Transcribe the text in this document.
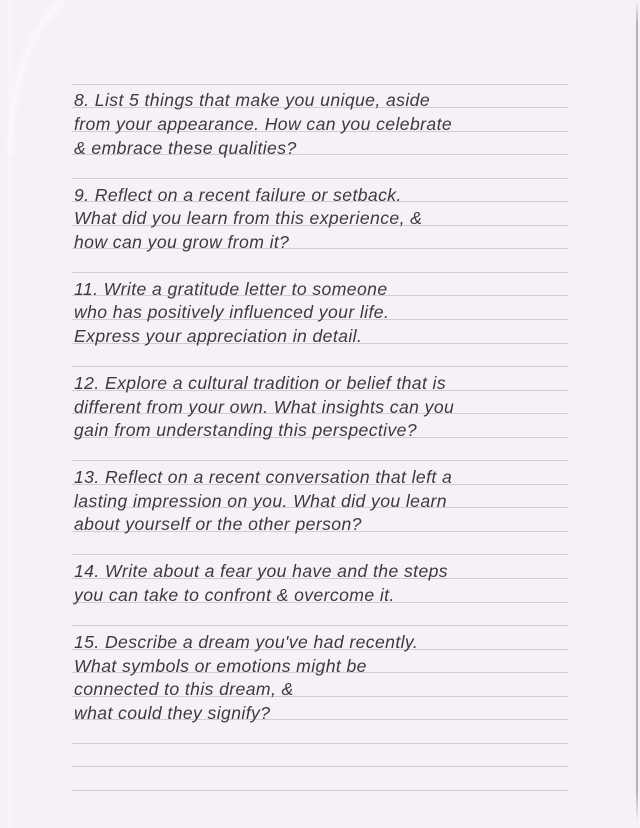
8. List 5 things that make you unique, aside
from your appearance. How can you celebrate
& embrace these qualities?
9. Reflect on a recent failure or setback.
What did you learn from this experience, &
how can you grow from it?
11. Write a gratitude letter to someone
who has positively influenced your life.
Express your appreciation in detail.
12. Explore a cultural tradition or belief that is
different from your own. What insights can you
gain from understanding this perspective?
13. Reflect on a recent conversation that left a
lasting impression on you. What did you learn
about yourself or the other person?
14. Write about a fear you have and the steps
you can take to confront & overcome it.
15. Describe a dream you've had recently.
What symbols or emotions might be
connected to this dream, &
what could they signify?
